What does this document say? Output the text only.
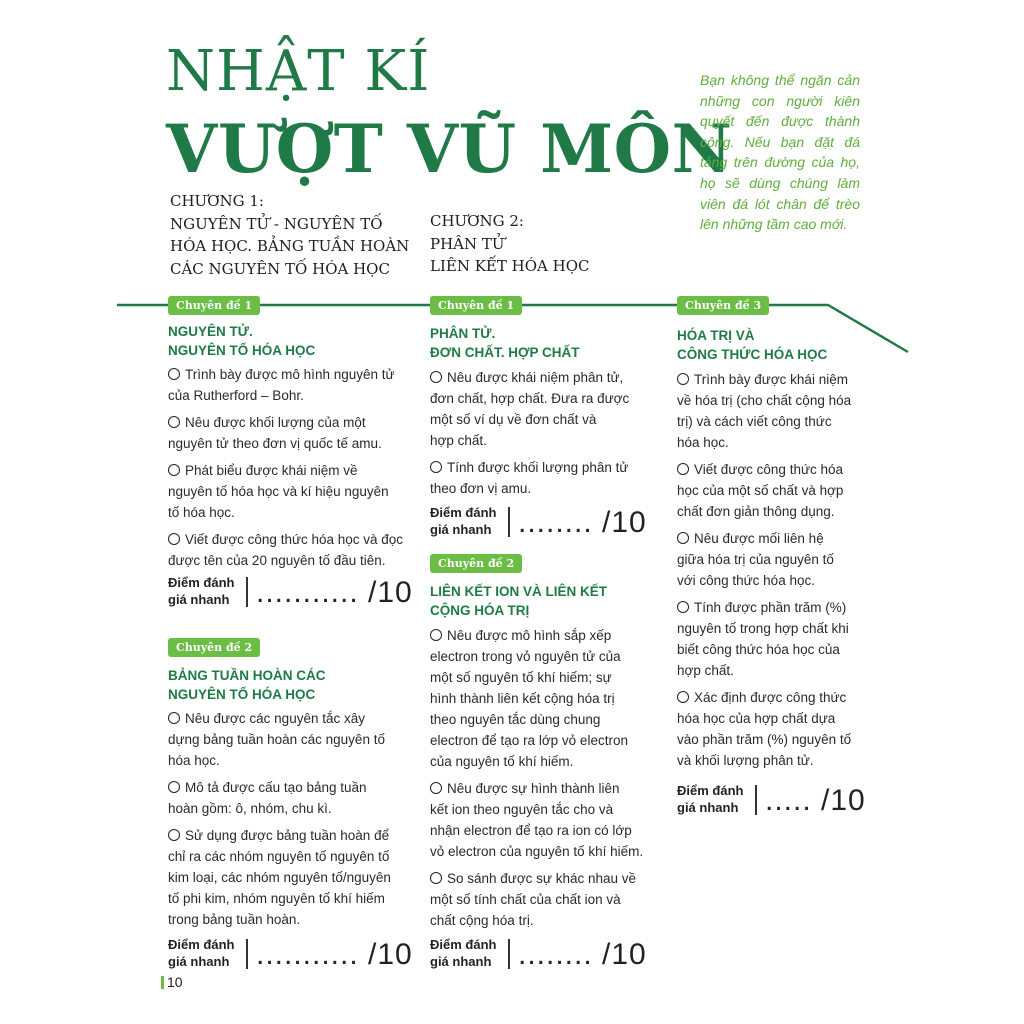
NHẬT KÍ
VƯỢT VŨ MÔN
Bạn không thể ngăn cản những con người kiên quyết đến được thành công. Nếu bạn đặt đá tảng trên đường của họ, họ sẽ dùng chúng làm viên đá lót chân để trèo lên những tầm cao mới.
CHƯƠNG 1:
NGUYÊN TỬ - NGUYÊN TỐ
HÓA HỌC. BẢNG TUẦN HOÀN
CÁC NGUYÊN TỐ HÓA HỌC
CHƯƠNG 2:
PHÂN TỬ
LIÊN KẾT HÓA HỌC
Chuyên đề 1
NGUYÊN TỬ.
NGUYÊN TỐ HÓA HỌC
Trình bày được mô hình nguyên tử
của Rutherford – Bohr.
Nêu được khối lượng của một
nguyên tử theo đơn vị quốc tế amu.
Phát biểu được khái niệm về
nguyên tố hóa học và kí hiệu nguyên
tố hóa học.
Viết được công thức hóa học và đọc
được tên của 20 nguyên tố đầu tiên.
Điểm đánh
giá nhanh ........... /10
Chuyên đề 2
BẢNG TUẦN HOÀN CÁC
NGUYÊN TỐ HÓA HỌC
Nêu được các nguyên tắc xây
dựng bảng tuần hoàn các nguyên tố
hóa học.
Mô tả được cấu tạo bảng tuần
hoàn gồm: ô, nhóm, chu kì.
Sử dụng được bảng tuần hoàn để
chỉ ra các nhóm nguyên tố nguyên tố
kim loại, các nhóm nguyên tố/nguyên
tố phi kim, nhóm nguyên tố khí hiếm
trong bảng tuần hoàn.
Điểm đánh
giá nhanh ........... /10
Chuyên đề 1
PHÂN TỬ.
ĐƠN CHẤT. HỢP CHẤT
Nêu được khái niệm phân tử,
đơn chất, hợp chất. Đưa ra được
một số ví dụ về đơn chất và
hợp chất.
Tính được khối lượng phân tử
theo đơn vị amu.
Điểm đánh
giá nhanh ........ /10
Chuyên đề 2
LIÊN KẾT ION VÀ LIÊN KẾT
CỘNG HÓA TRỊ
Nêu được mô hình sắp xếp
electron trong vỏ nguyên tử của
một số nguyên tố khí hiếm; sự
hình thành liên kết cộng hóa trị
theo nguyên tắc dùng chung
electron để tạo ra lớp vỏ electron
của nguyên tố khí hiếm.
Nêu được sự hình thành liên
kết ion theo nguyên tắc cho và
nhận electron để tạo ra ion có lớp
vỏ electron của nguyên tố khí hiếm.
So sánh được sự khác nhau về
một số tính chất của chất ion và
chất cộng hóa trị.
Điểm đánh
giá nhanh ........ /10
Chuyên đề 3
HÓA TRỊ VÀ
CÔNG THỨC HÓA HỌC
Trình bày được khái niệm
về hóa trị (cho chất cộng hóa
trị) và cách viết công thức
hóa học.
Viết được công thức hóa
học của một số chất và hợp
chất đơn giản thông dụng.
Nêu được mối liên hệ
giữa hóa trị của nguyên tố
với công thức hóa học.
Tính được phần trăm (%)
nguyên tố trong hợp chất khi
biết công thức hóa học của
hợp chất.
Xác định được công thức
hóa học của hợp chất dựa
vào phần trăm (%) nguyên tố
và khối lượng phân tử.
Điểm đánh
giá nhanh ..... /10
10
